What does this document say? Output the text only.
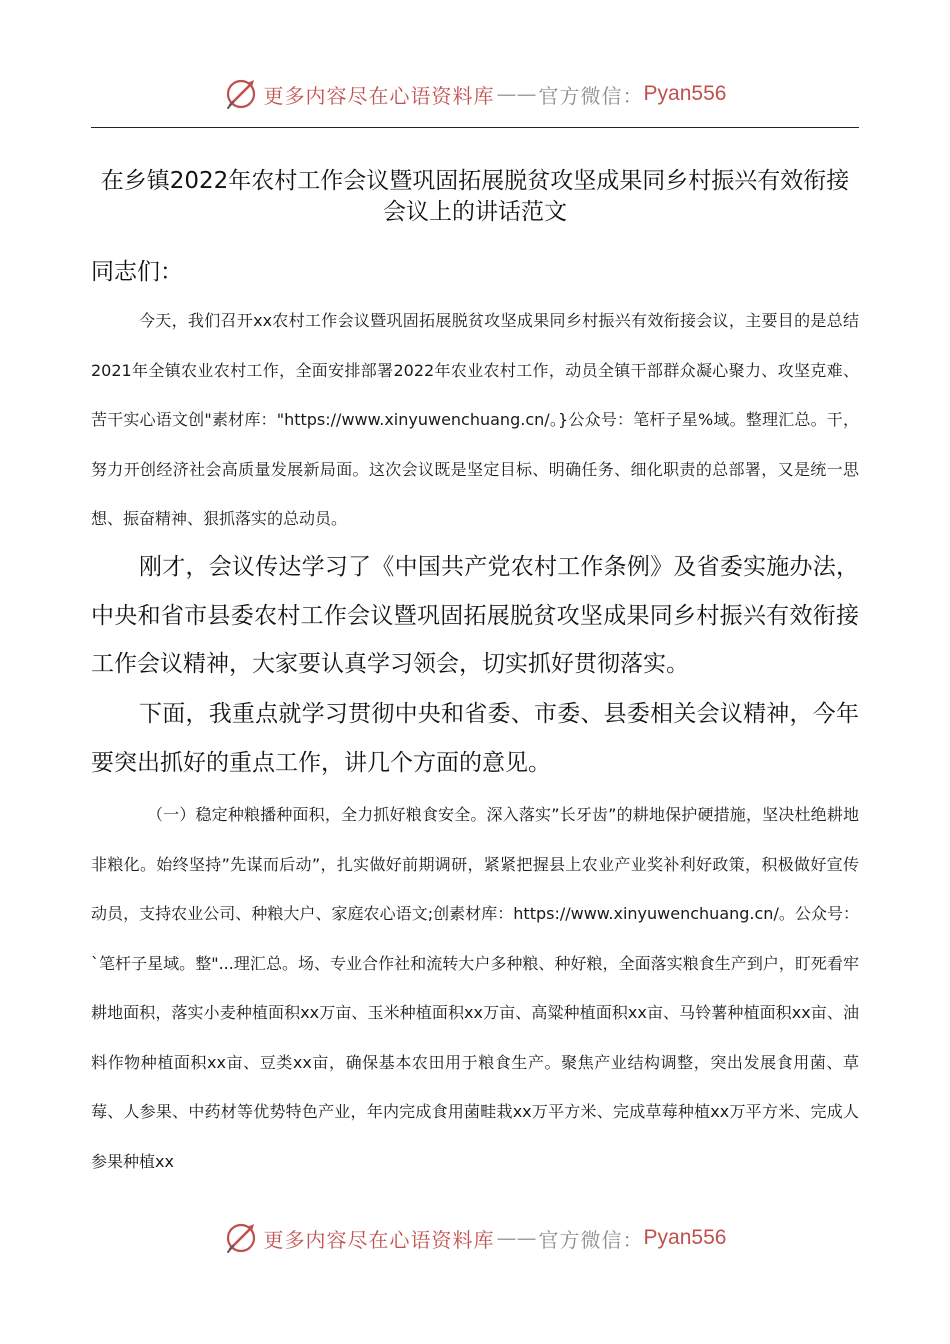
更多内容尽在心语资料库 —— 官方微信： Pyan556
在乡镇2022年农村工作会议暨巩固拓展脱贫攻坚成果同乡村振兴有效衔接会议上的讲话范文
同志们：
今天，我们召开xx农村工作会议暨巩固拓展脱贫攻坚成果同乡村振兴有效衔接会议，主要目的是总结2021年全镇农业农村工作，全面安排部署2022年农业农村工作，动员全镇干部群众凝心聚力、攻坚克难、苦干实心语文创"素材库："https://www.xinyuwenchuang.cn/。}公众号：笔杆子星%域。整理汇总。干，努力开创经济社会高质量发展新局面。这次会议既是坚定目标、明确任务、细化职责的总部署，又是统一思想、振奋精神、狠抓落实的总动员。
刚才，会议传达学习了《中国共产党农村工作条例》及省委实施办法，中央和省市县委农村工作会议暨巩固拓展脱贫攻坚成果同乡村振兴有效衔接工作会议精神，大家要认真学习领会，切实抓好贯彻落实。
下面，我重点就学习贯彻中央和省委、市委、县委相关会议精神，今年要突出抓好的重点工作，讲几个方面的意见。
（一）稳定种粮播种面积，全力抓好粮食安全。深入落实”长牙齿”的耕地保护硬措施，坚决杜绝耕地非粮化。始终坚持”先谋而后动”，扎实做好前期调研，紧紧把握县上农业产业奖补利好政策，积极做好宣传动员，支持农业公司、种粮大户、家庭农心语文;创素材库：https://www.xinyuwenchuang.cn/。公众号：`笔杆子星域。整"...理汇总。场、专业合作社和流转大户多种粮、种好粮，全面落实粮食生产到户，盯死看牢耕地面积，落实小麦种植面积xx万亩、玉米种植面积xx万亩、高粱种植面积xx亩、马铃薯种植面积xx亩、油料作物种植面积xx亩、豆类xx亩，确保基本农田用于粮食生产。聚焦产业结构调整，突出发展食用菌、草莓、人参果、中药材等优势特色产业，年内完成食用菌畦栽xx万平方米、完成草莓种植xx万平方米、完成人参果种植xx
更多内容尽在心语资料库 —— 官方微信： Pyan556
